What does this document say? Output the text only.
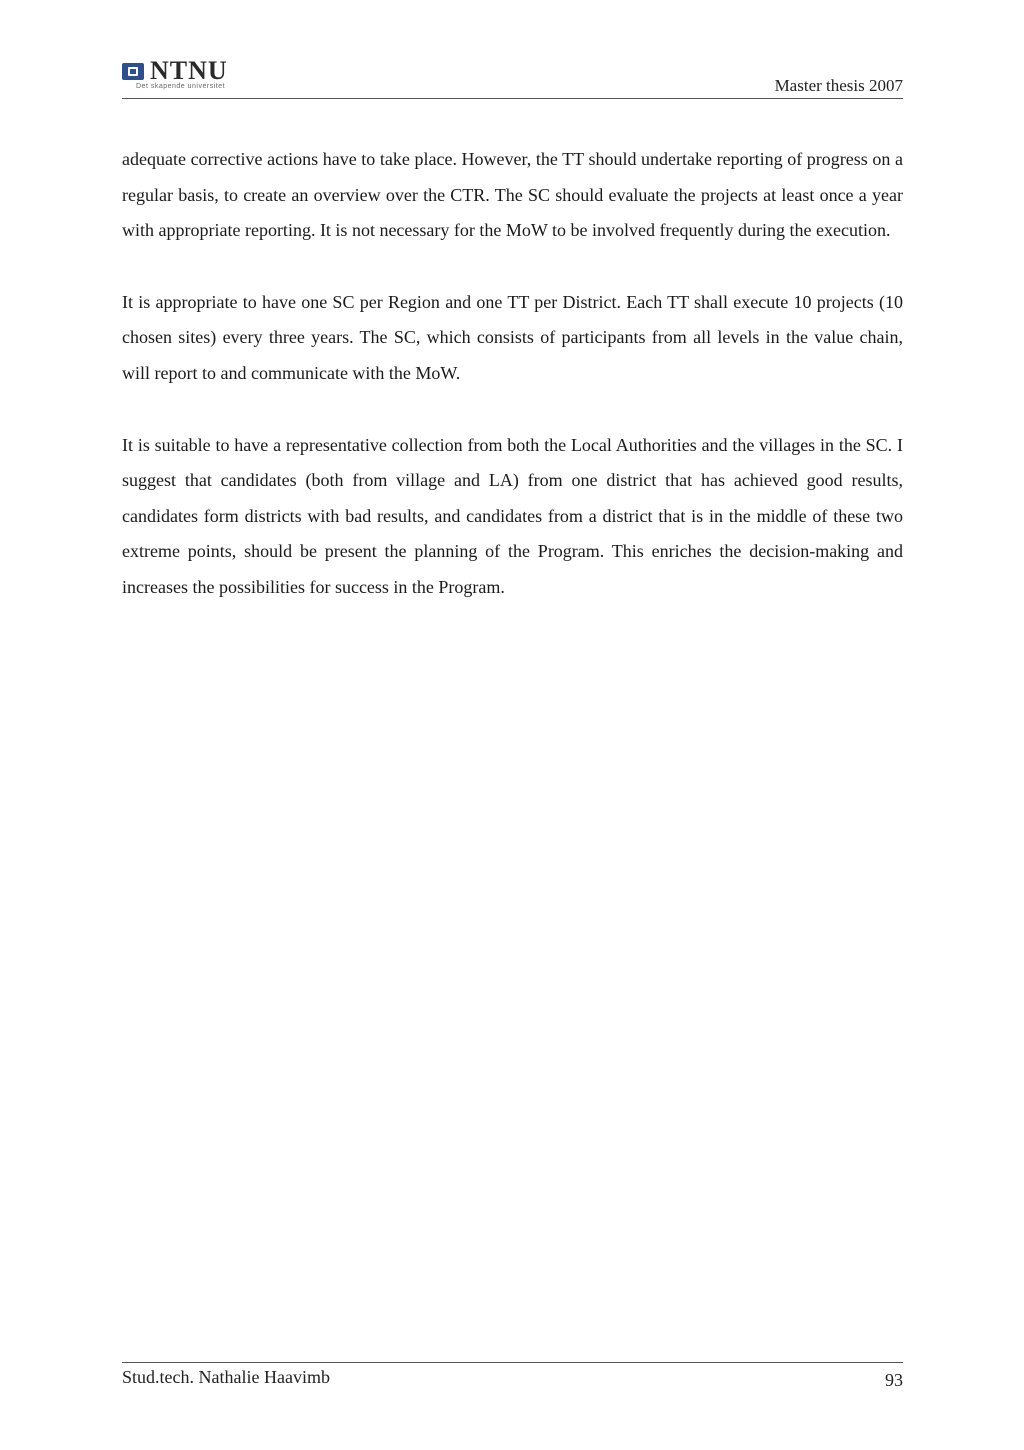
NTNU
Det skapende universitet	Master thesis 2007

adequate corrective actions have to take place. However, the TT should undertake reporting of progress on a regular basis, to create an overview over the CTR. The SC should evaluate the projects at least once a year with appropriate reporting. It is not necessary for the MoW to be involved frequently during the execution.

It is appropriate to have one SC per Region and one TT per District. Each TT shall execute 10 projects (10 chosen sites) every three years. The SC, which consists of participants from all levels in the value chain, will report to and communicate with the MoW.

It is suitable to have a representative collection from both the Local Authorities and the villages in the SC. I suggest that candidates (both from village and LA) from one district that has achieved good results, candidates form districts with bad results, and candidates from a district that is in the middle of these two extreme points, should be present the planning of the Program. This enriches the decision-making and increases the possibilities for success in the Program.

Stud.tech. Nathalie Haavimb	93
